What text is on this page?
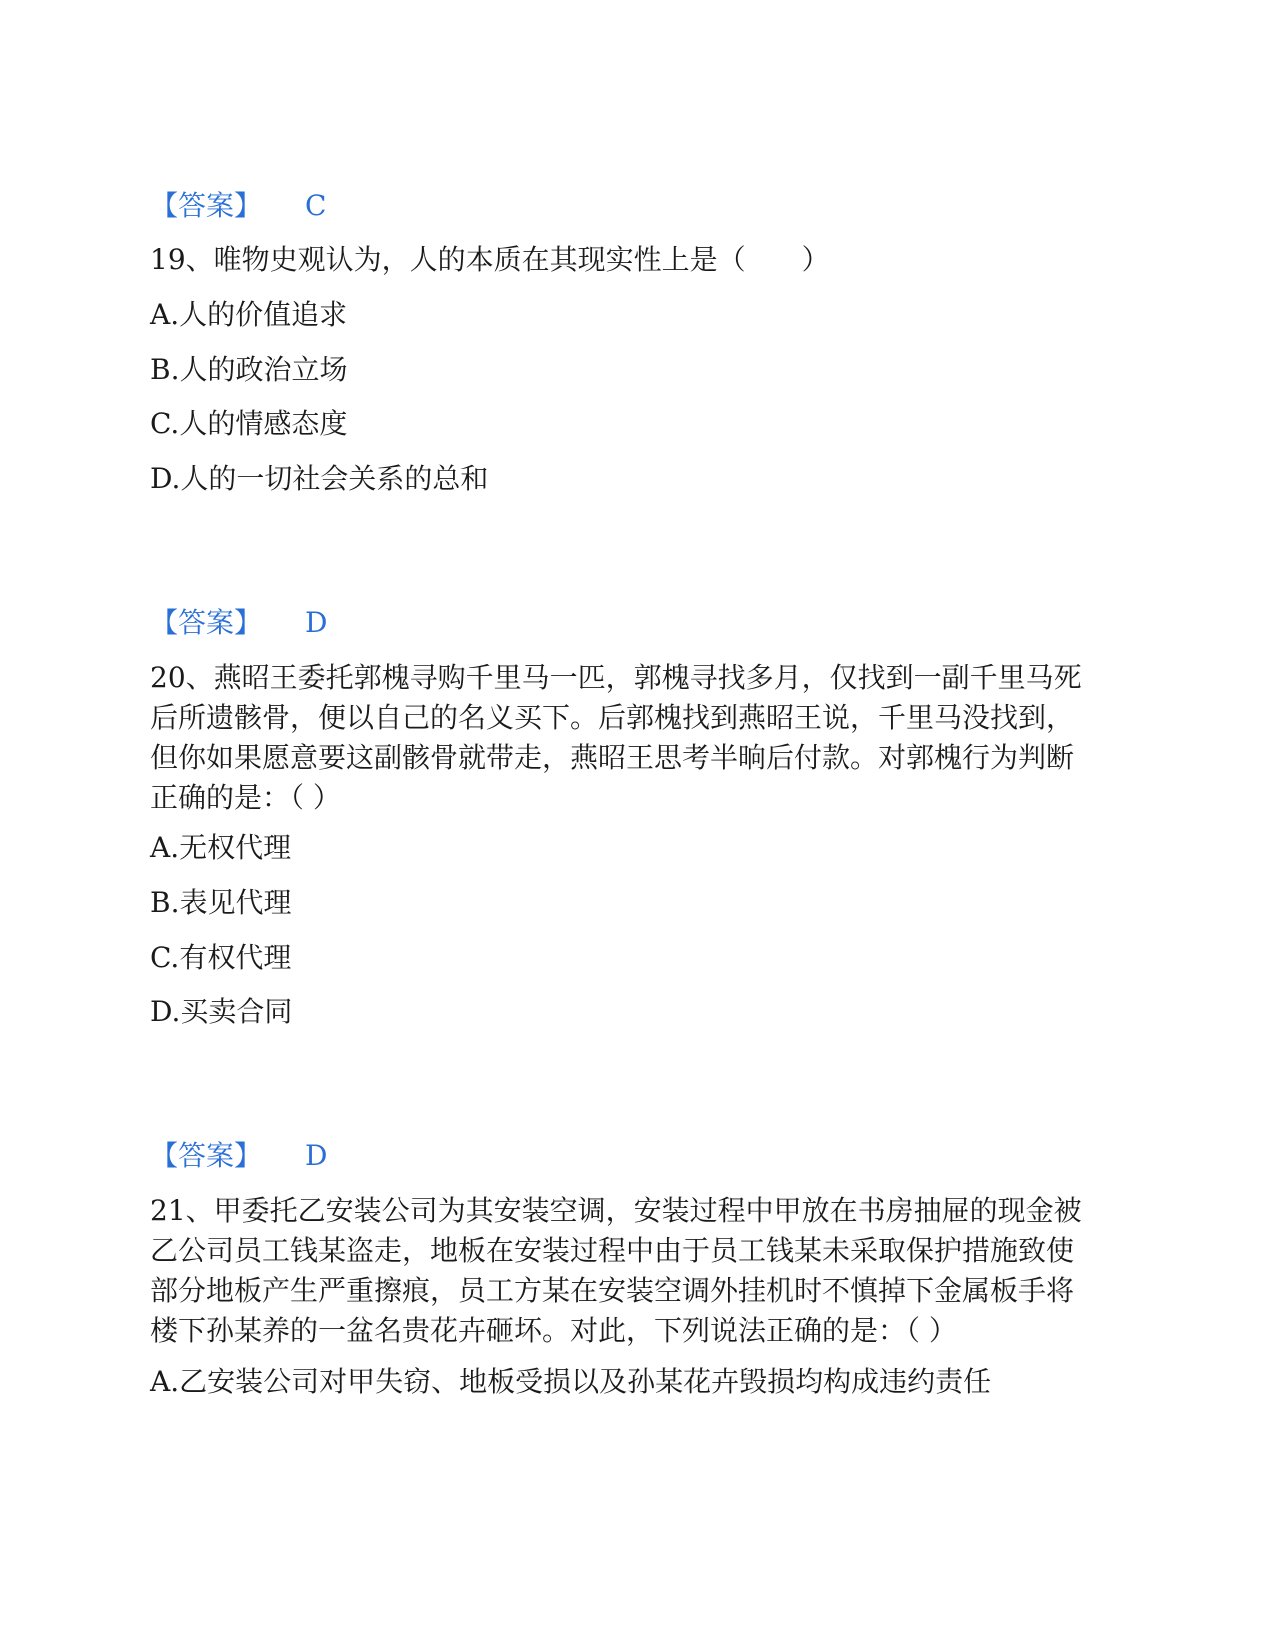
【答案】 C
19、唯物史观认为，人的本质在其现实性上是（　　）
A.人的价值追求
B.人的政治立场
C.人的情感态度
D.人的一切社会关系的总和
【答案】 D
20、燕昭王委托郭槐寻购千里马一匹，郭槐寻找多月，仅找到一副千里马死
后所遗骸骨，便以自己的名义买下。后郭槐找到燕昭王说，千里马没找到，
但你如果愿意要这副骸骨就带走，燕昭王思考半晌后付款。对郭槐行为判断
正确的是：（ ）
A.无权代理
B.表见代理
C.有权代理
D.买卖合同
【答案】 D
21、甲委托乙安装公司为其安装空调，安装过程中甲放在书房抽屉的现金被
乙公司员工钱某盗走，地板在安装过程中由于员工钱某未采取保护措施致使
部分地板产生严重擦痕，员工方某在安装空调外挂机时不慎掉下金属板手将
楼下孙某养的一盆名贵花卉砸坏。对此，下列说法正确的是：（ ）
A.乙安装公司对甲失窃、地板受损以及孙某花卉毁损均构成违约责任
